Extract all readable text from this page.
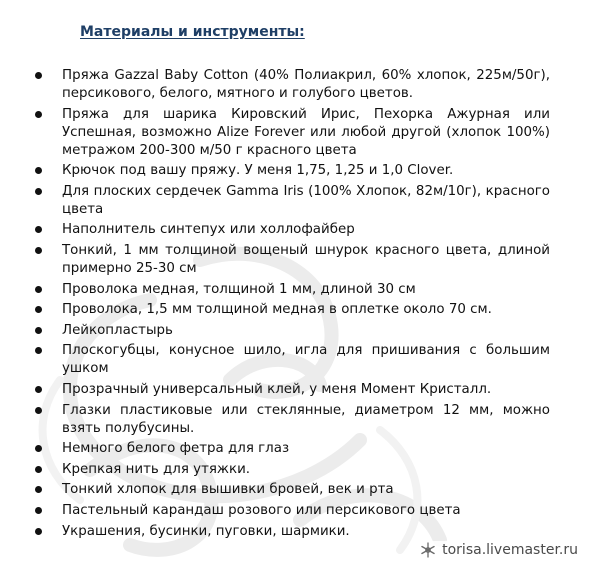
Материалы и инструменты:
Пряжа Gazzal Baby Cotton (40% Полиакрил, 60% хлопок, 225м/50г), персикового, белого, мятного и голубого цветов.
Пряжа для шарика Кировский Ирис, Пехорка Ажурная или Успешная, возможно Alize Forever или любой другой (хлопок 100%) метражом 200-300 м/50 г красного цвета
Крючок под вашу пряжу. У меня 1,75, 1,25 и 1,0 Clover.
Для плоских сердечек Gamma Iris (100% Хлопок, 82м/10г), красного цвета
Наполнитель синтепух или холлофайбер
Тонкий, 1 мм толщиной вощеный шнурок красного цвета, длиной примерно 25-30 см
Проволока медная, толщиной 1 мм, длиной 30 см
Проволока, 1,5 мм толщиной медная в оплетке около 70 см.
Лейкопластырь
Плоскогубцы, конусное шило, игла для пришивания с большим ушком
Прозрачный универсальный клей, у меня Момент Кристалл.
Глазки пластиковые или стеклянные, диаметром 12 мм, можно взять полубусины.
Немного белого фетра для глаз
Крепкая нить для утяжки.
Тонкий хлопок для вышивки бровей, век и рта
Пастельный карандаш розового или персикового цвета
Украшения, бусинки, пуговки, шармики.
torisa.livemaster.ru
